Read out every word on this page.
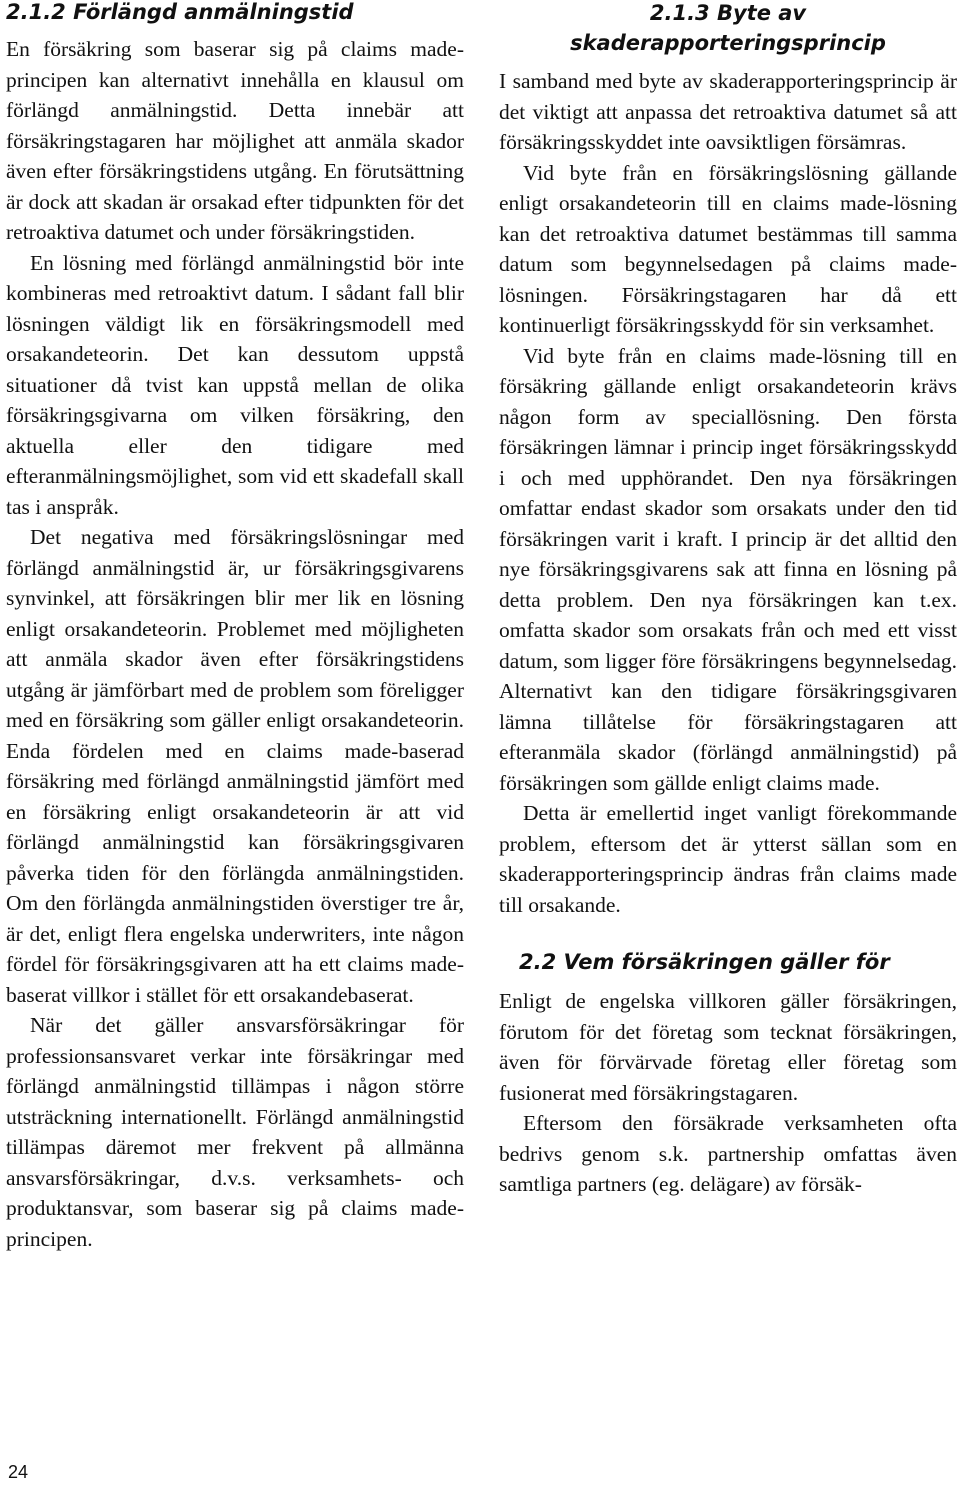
2.1.2 Förlängd anmälningstid

En försäkring som baserar sig på claims made-principen kan alternativt innehålla en klausul om förlängd anmälningstid. Detta innebär att försäkringstagaren har möjlighet att anmäla skador även efter försäkringstidens utgång. En förutsättning är dock att skadan är orsakad efter tidpunkten för det retroaktiva datumet och under försäkringstiden.

En lösning med förlängd anmälningstid bör inte kombineras med retroaktivt datum. I sådant fall blir lösningen väldigt lik en försäkringsmodell med orsakandeteorin. Det kan dessutom uppstå situationer då tvist kan uppstå mellan de olika försäkringsgivarna om vilken försäkring, den aktuella eller den tidigare med efteranmälningsmöjlighet, som vid ett skadefall skall tas i anspråk.

Det negativa med försäkringslösningar med förlängd anmälningstid är, ur försäkringsgivarens synvinkel, att försäkringen blir mer lik en lösning enligt orsakandeteorin. Problemet med möjligheten att anmäla skador även efter försäkringstidens utgång är jämförbart med de problem som föreligger med en försäkring som gäller enligt orsakandeteorin. Enda fördelen med en claims made-baserad försäkring med förlängd anmälningstid jämfört med en försäkring enligt orsakandeteorin är att vid förlängd anmälningstid kan försäkringsgivaren påverka tiden för den förlängda anmälningstiden. Om den förlängda anmälningstiden överstiger tre år, är det, enligt flera engelska underwriters, inte någon fördel för försäkringsgivaren att ha ett claims made-baserat villkor i stället för ett orsakandebaserat.

När det gäller ansvarsförsäkringar för professionsansvaret verkar inte försäkringar med förlängd anmälningstid tillämpas i någon större utsträckning internationellt. Förlängd anmälningstid tillämpas däremot mer frekvent på allmänna ansvarsförsäkringar, d.v.s. verksamhets- och produktansvar, som baserar sig på claims made-principen.

2.1.3 Byte av skaderapporteringsprincip

I samband med byte av skaderapporteringsprincip är det viktigt att anpassa det retroaktiva datumet så att försäkringsskyddet inte oavsiktligen försämras.

Vid byte från en försäkringslösning gällande enligt orsakandeteorin till en claims made-lösning kan det retroaktiva datumet bestämmas till samma datum som begynnelsedagen på claims made-lösningen. Försäkringstagaren har då ett kontinuerligt försäkringsskydd för sin verksamhet.

Vid byte från en claims made-lösning till en försäkring gällande enligt orsakandeteorin krävs någon form av speciallösning. Den första försäkringen lämnar i princip inget försäkringsskydd i och med upphörandet. Den nya försäkringen omfattar endast skador som orsakats under den tid försäkringen varit i kraft. I princip är det alltid den nye försäkringsgivarens sak att finna en lösning på detta problem. Den nya försäkringen kan t.ex. omfatta skador som orsakats från och med ett visst datum, som ligger före försäkringens begynnelsedag. Alternativt kan den tidigare försäkringsgivaren lämna tillåtelse för försäkringstagaren att efteranmäla skador (förlängd anmälningstid) på försäkringen som gällde enligt claims made.

Detta är emellertid inget vanligt förekommande problem, eftersom det är ytterst sällan som en skaderapporteringsprincip ändras från claims made till orsakande.

2.2 Vem försäkringen gäller för

Enligt de engelska villkoren gäller försäkringen, förutom för det företag som tecknat försäkringen, även för förvärvade företag eller företag som fusionerat med försäkringstagaren.

Eftersom den försäkrade verksamheten ofta bedrivs genom s.k. partnership omfattas även samtliga partners (eg. delägare) av försäk-

24
